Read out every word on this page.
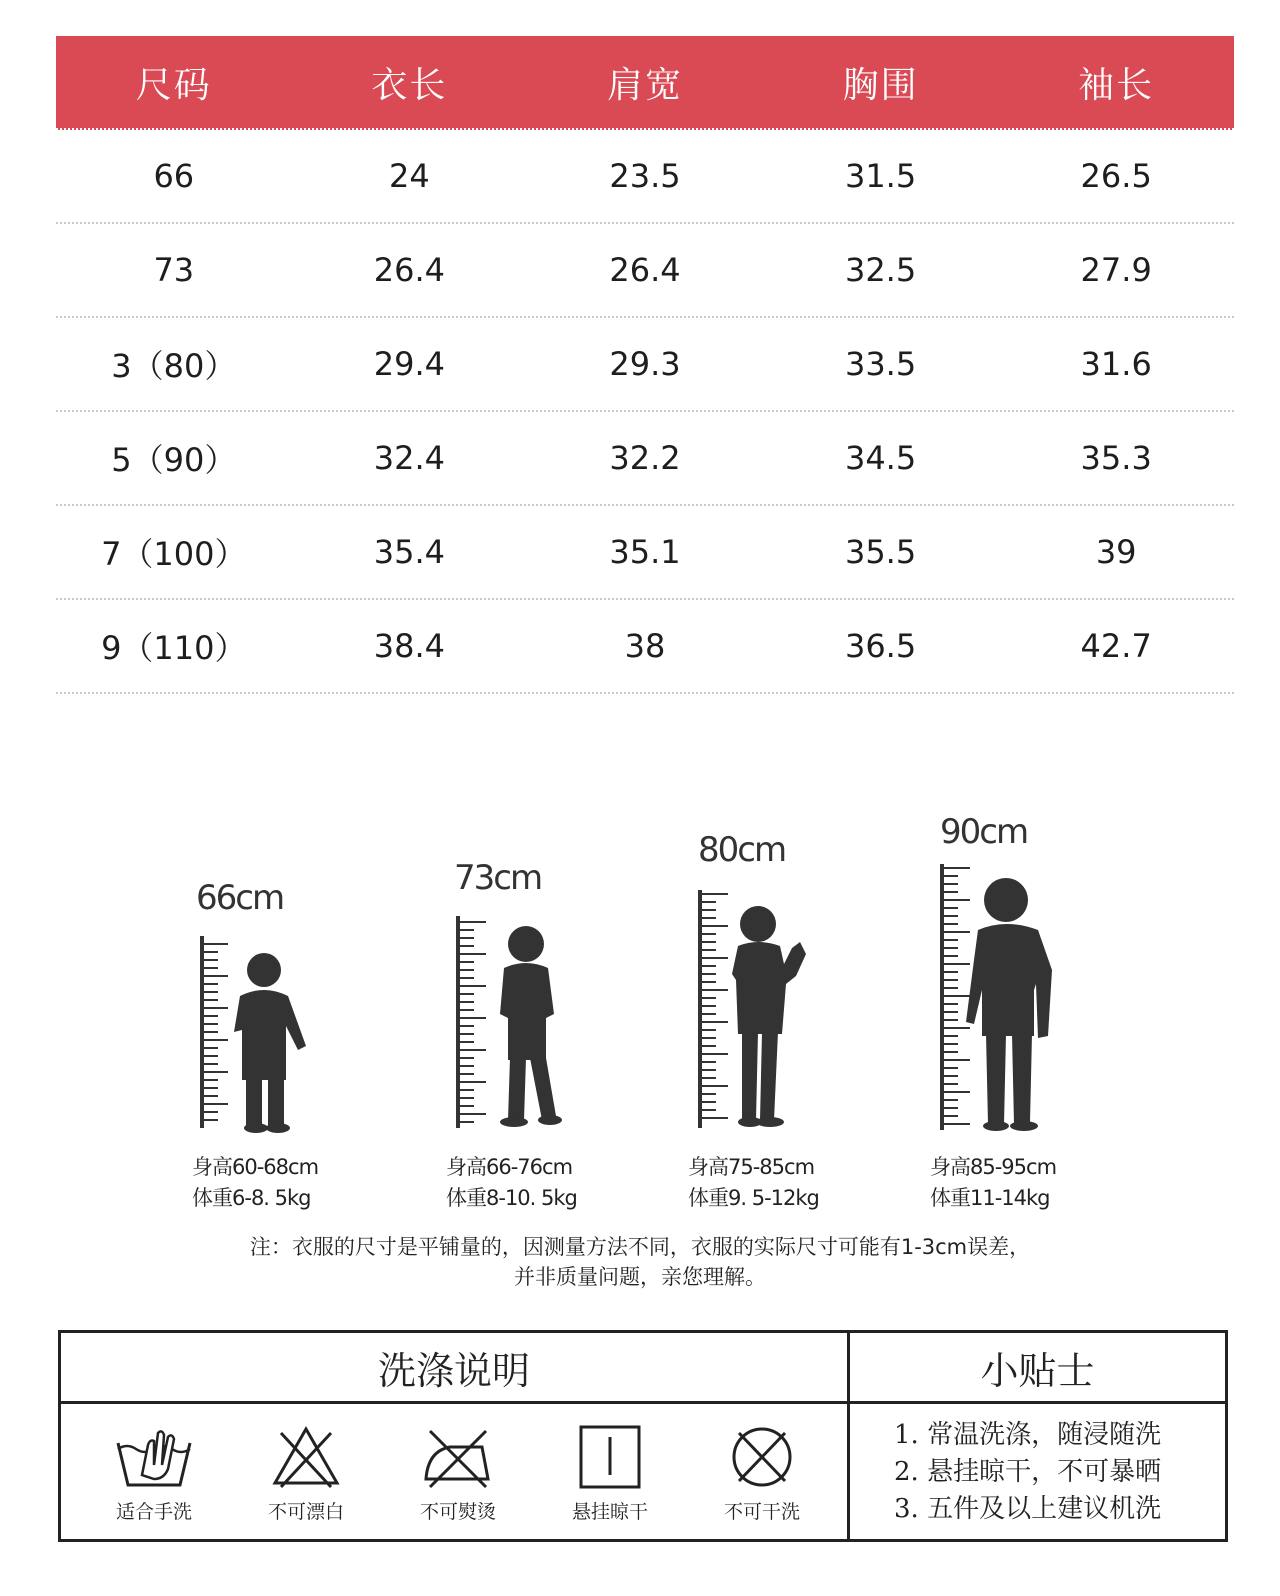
尺码	衣长	肩宽	胸围	袖长
66	24	23.5	31.5	26.5
73	26.4	26.4	32.5	27.9
3（80）	29.4	29.3	33.5	31.6
5（90）	32.4	32.2	34.5	35.3
7（100）	35.4	35.1	35.5	39
9（110）	38.4	38	36.5	42.7
66cm
身高60-68cm
体重6-8. 5kg
73cm
身高66-76cm
体重8-10. 5kg
80cm
身高75-85cm
体重9. 5-12kg
90cm
身高85-95cm
体重11-14kg
注：衣服的尺寸是平铺量的，因测量方法不同，衣服的实际尺寸可能有1-3cm误差，
并非质量问题，亲您理解。
洗涤说明
适合手洗	不可漂白	不可熨烫	悬挂晾干	不可干洗
小贴士
1. 常温洗涤，随浸随洗
2. 悬挂晾干，不可暴晒
3. 五件及以上建议机洗
